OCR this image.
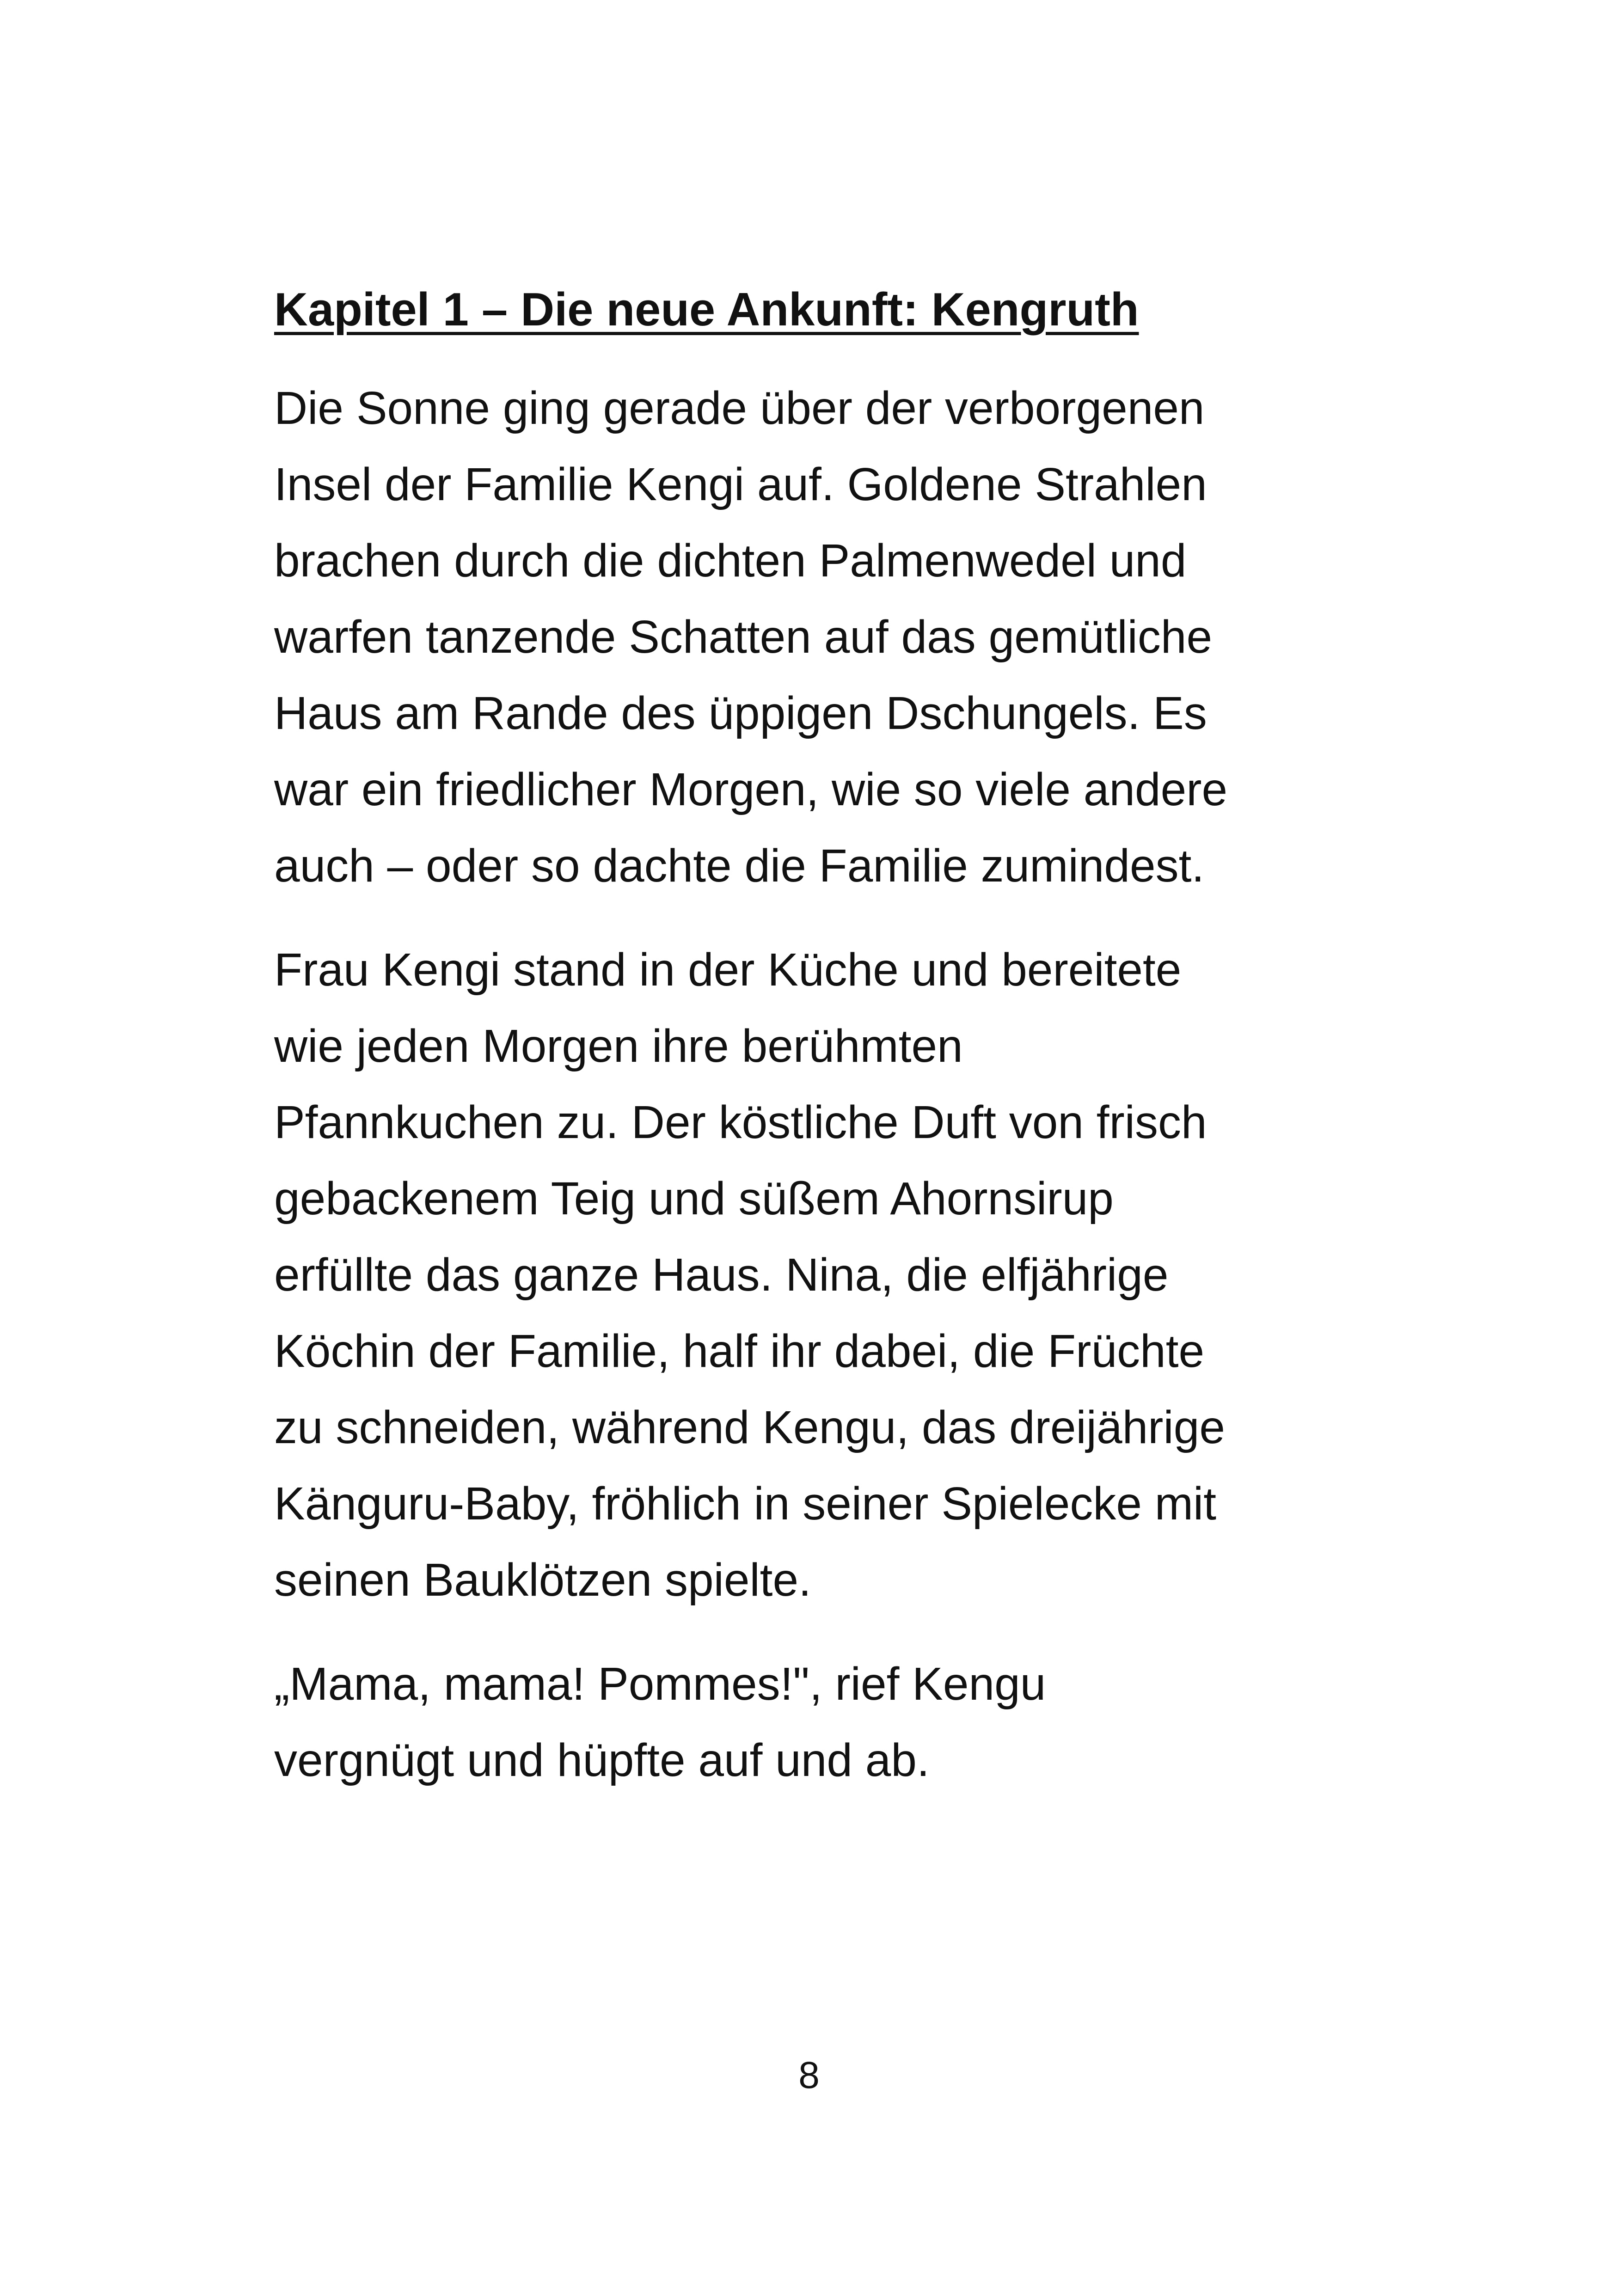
Kapitel 1 – Die neue Ankunft: Kengruth

Die Sonne ging gerade über der verborgenen
Insel der Familie Kengi auf. Goldene Strahlen
brachen durch die dichten Palmenwedel und
warfen tanzende Schatten auf das gemütliche
Haus am Rande des üppigen Dschungels. Es
war ein friedlicher Morgen, wie so viele andere
auch – oder so dachte die Familie zumindest.

Frau Kengi stand in der Küche und bereitete
wie jeden Morgen ihre berühmten
Pfannkuchen zu. Der köstliche Duft von frisch
gebackenem Teig und süßem Ahornsirup
erfüllte das ganze Haus. Nina, die elfjährige
Köchin der Familie, half ihr dabei, die Früchte
zu schneiden, während Kengu, das dreijährige
Känguru-Baby, fröhlich in seiner Spielecke mit
seinen Bauklötzen spielte.

„Mama, mama! Pommes!", rief Kengu
vergnügt und hüpfte auf und ab.

8
